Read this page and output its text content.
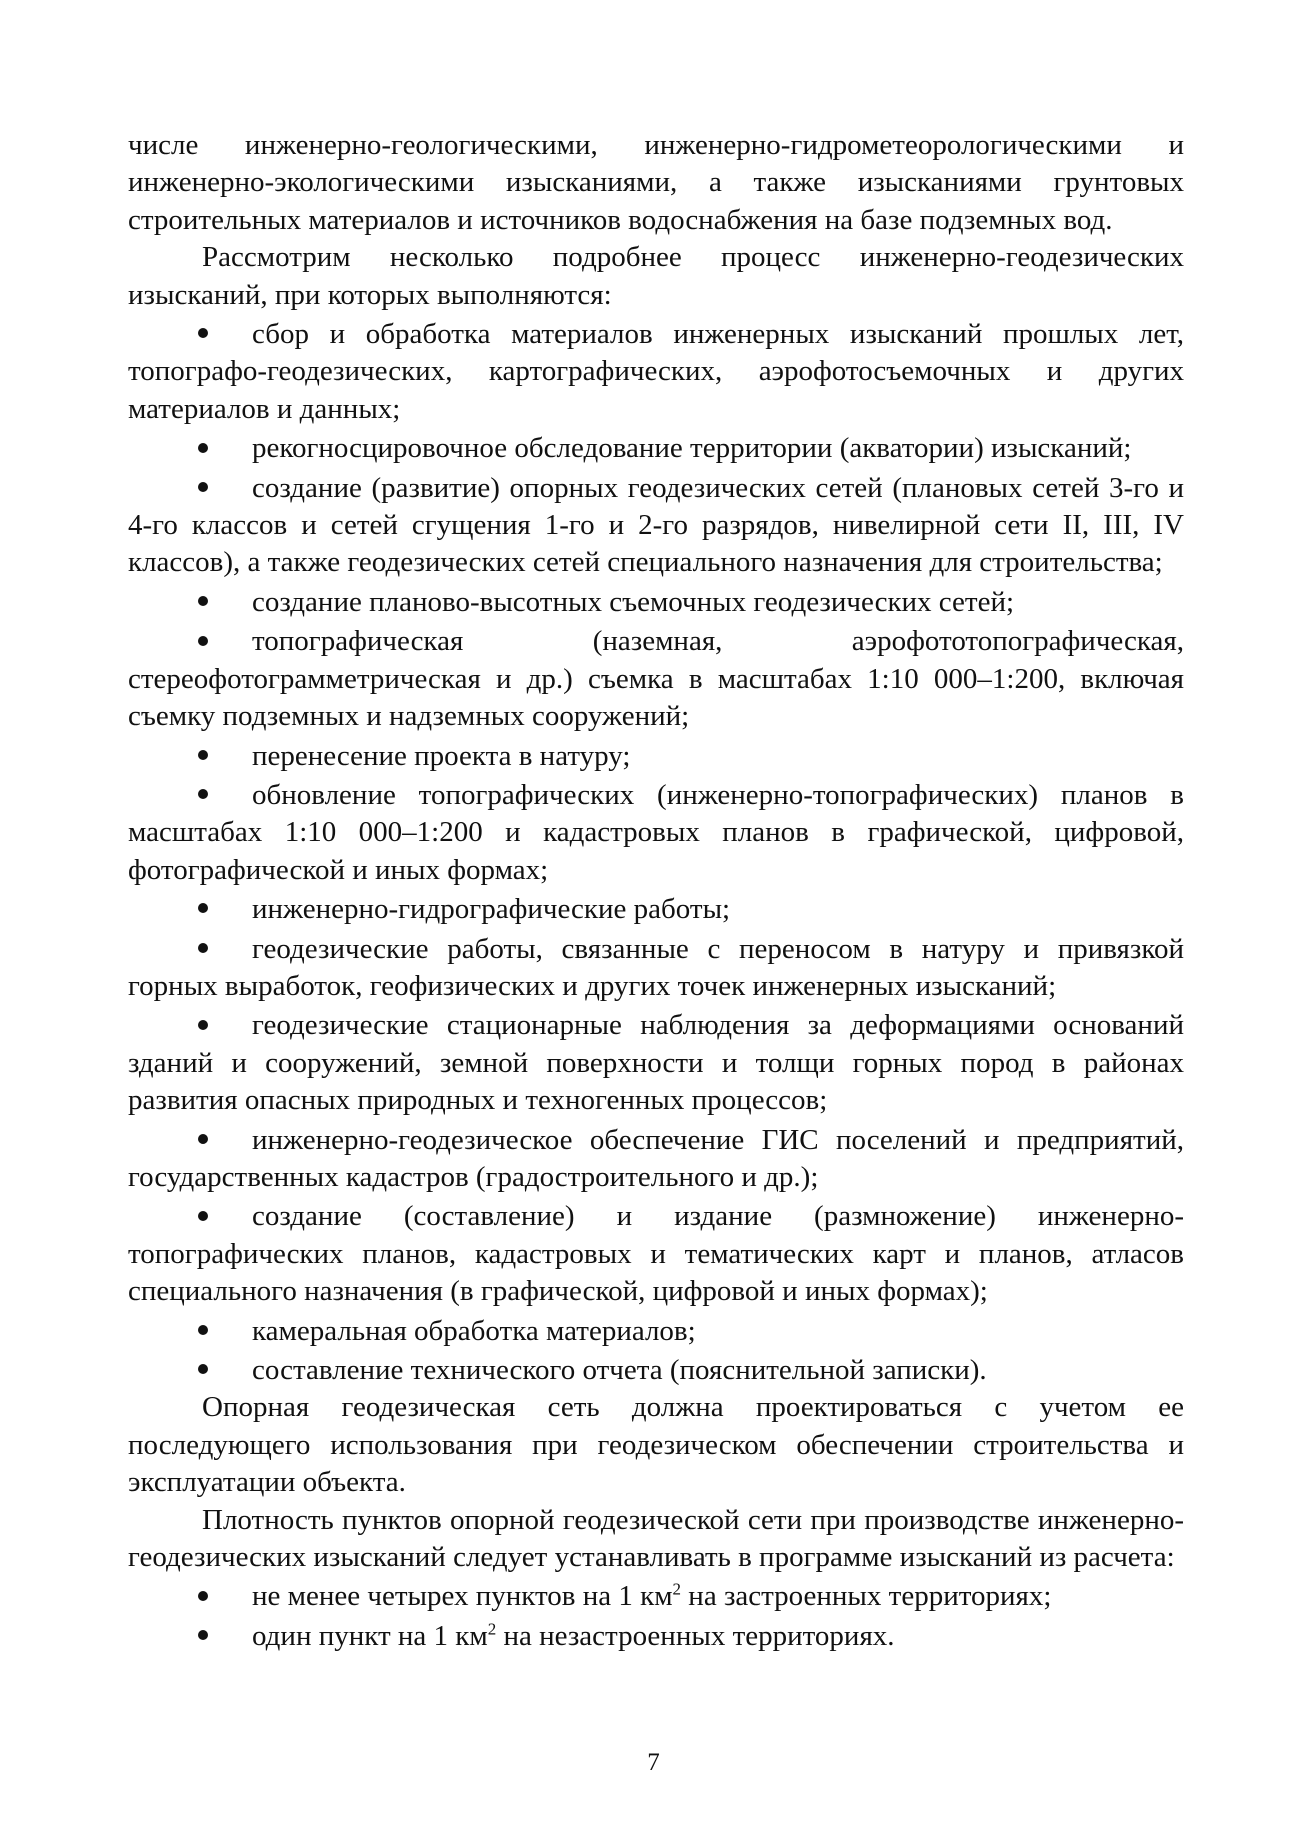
числе инженерно-геологическими, инженерно-гидрометеорологическими и инженерно-экологическими изысканиями, а также изысканиями грунтовых строительных материалов и источников водоснабжения на базе подземных вод.

Рассмотрим несколько подробнее процесс инженерно-геодезических изысканий, при которых выполняются:

сбор и обработка материалов инженерных изысканий прошлых лет, топографо-геодезических, картографических, аэрофотосъемочных и других материалов и данных;

рекогносцировочное обследование территории (акватории) изысканий;

создание (развитие) опорных геодезических сетей (плановых сетей 3-го и 4-го классов и сетей сгущения 1-го и 2-го разрядов, нивелирной сети II, III, IV классов), а также геодезических сетей специального назначения для строительства;

создание планово-высотных съемочных геодезических сетей;

топографическая (наземная, аэрофототопографическая, стереофотограмметрическая и др.) съемка в масштабах 1:10 000–1:200, включая съемку подземных и надземных сооружений;

перенесение проекта в натуру;

обновление топографических (инженерно-топографических) планов в масштабах 1:10 000–1:200 и кадастровых планов в графической, цифровой, фотографической и иных формах;

инженерно-гидрографические работы;

геодезические работы, связанные с переносом в натуру и привязкой горных выработок, геофизических и других точек инженерных изысканий;

геодезические стационарные наблюдения за деформациями оснований зданий и сооружений, земной поверхности и толщи горных пород в районах развития опасных природных и техногенных процессов;

инженерно-геодезическое обеспечение ГИС поселений и предприятий, государственных кадастров (градостроительного и др.);

создание (составление) и издание (размножение) инженерно-топографических планов, кадастровых и тематических карт и планов, атласов специального назначения (в графической, цифровой и иных формах);

камеральная обработка материалов;

составление технического отчета (пояснительной записки).

Опорная геодезическая сеть должна проектироваться с учетом ее последующего использования при геодезическом обеспечении строительства и эксплуатации объекта.

Плотность пунктов опорной геодезической сети при производстве инженерно-геодезических изысканий следует устанавливать в программе изысканий из расчета:

не менее четырех пунктов на 1 $км^2$ на застроенных территориях;

один пункт на 1 $км^2$ на незастроенных территориях.

7
